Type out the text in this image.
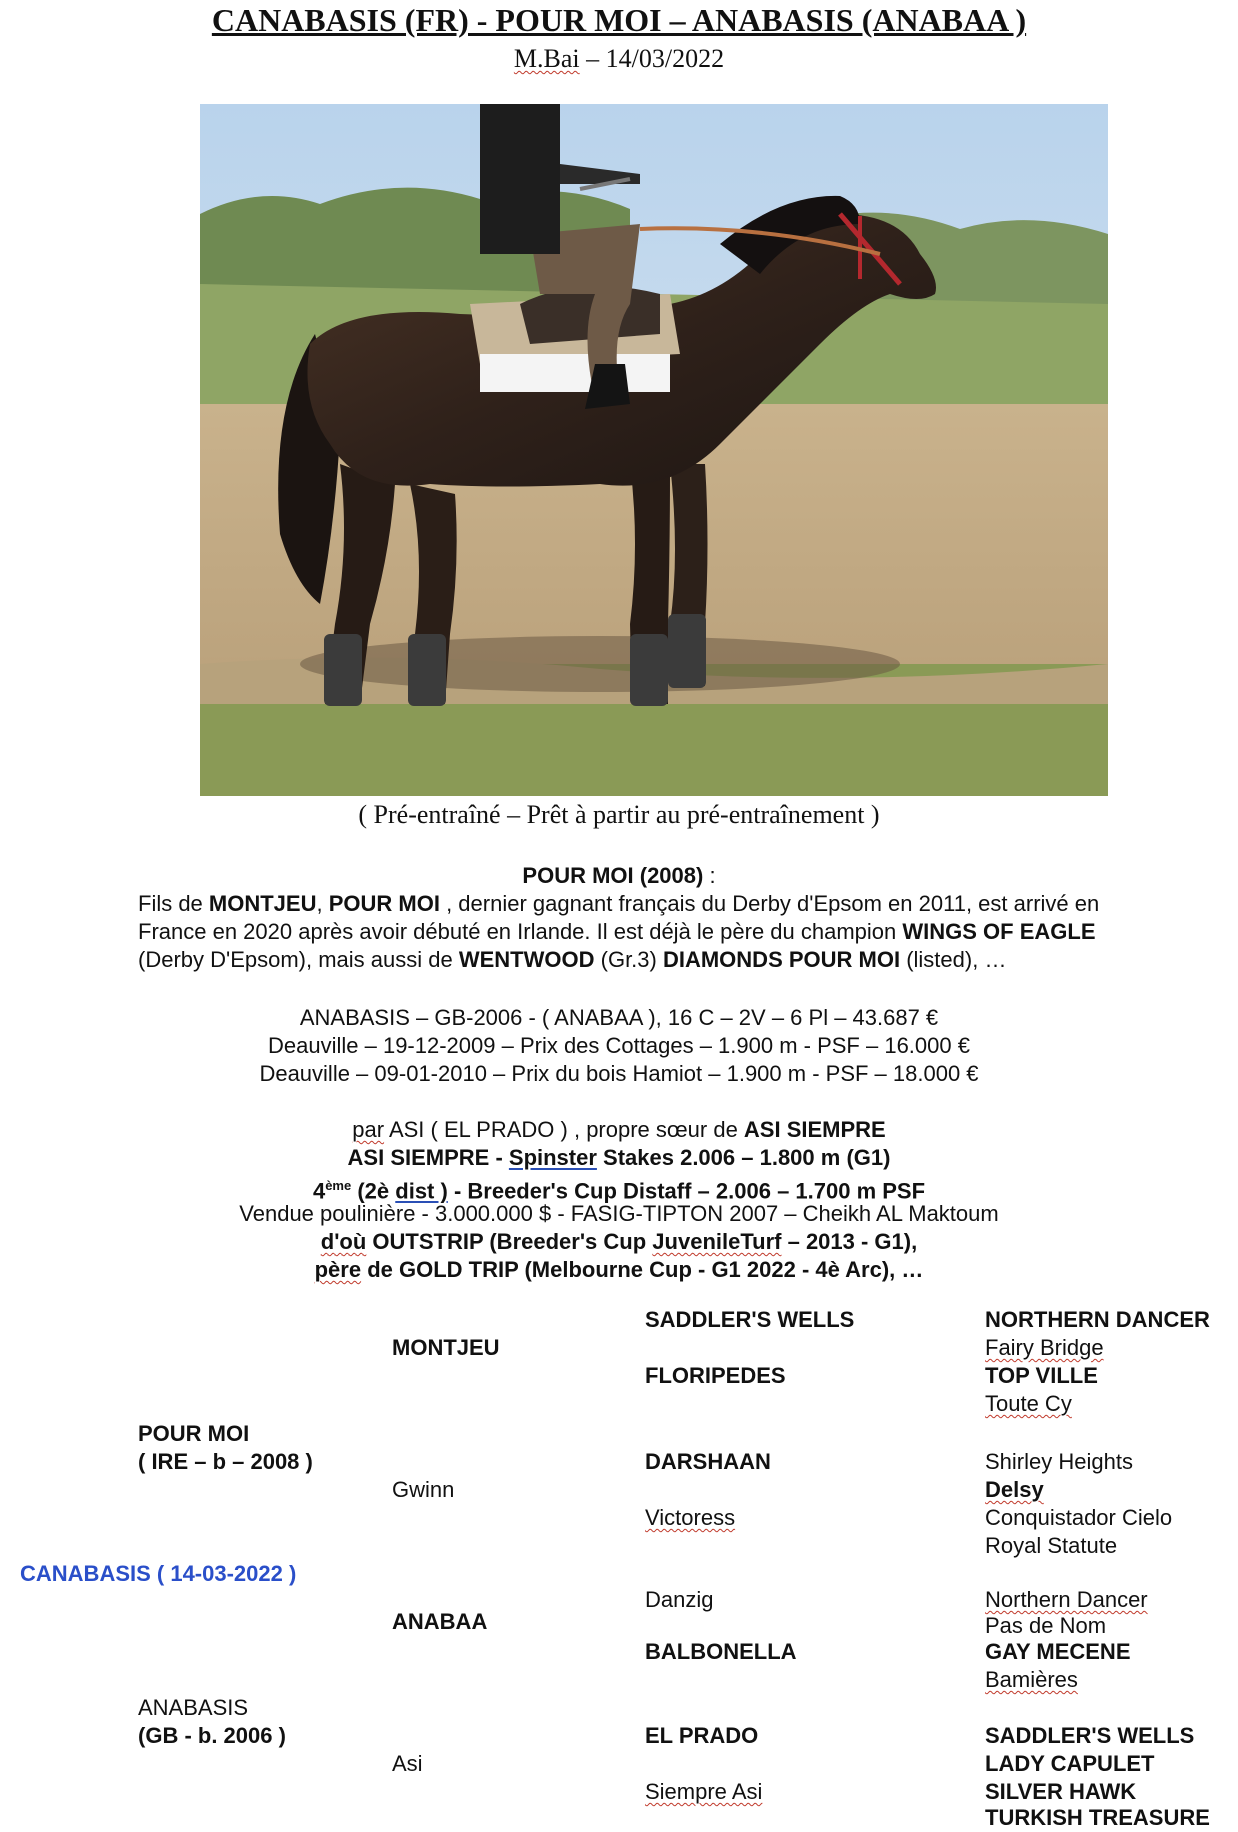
CANABASIS (FR) - POUR MOI – ANABASIS (ANABAA )
M.Bai – 14/03/2022
( Pré-entraîné – Prêt à partir au pré-entraînement )
POUR MOI (2008) :
Fils de MONTJEU, POUR MOI , dernier gagnant français du Derby d'Epsom en 2011, est arrivé en
France en 2020 après avoir débuté en Irlande. Il est déjà le père du champion WINGS OF EAGLE
(Derby D'Epsom), mais aussi de WENTWOOD (Gr.3) DIAMONDS POUR MOI (listed), …
ANABASIS – GB-2006 - ( ANABAA ), 16 C – 2V – 6 Pl – 43.687 €
Deauville – 19-12-2009 – Prix des Cottages – 1.900 m - PSF – 16.000 €
Deauville – 09-01-2010 – Prix du bois Hamiot – 1.900 m - PSF – 18.000 €
par ASI ( EL PRADO ) , propre sœur de ASI SIEMPRE
ASI SIEMPRE - Spinster Stakes 2.006 – 1.800 m (G1)
4ème (2è dist ) - Breeder's Cup Distaff – 2.006 – 1.700 m PSF
Vendue poulinière - 3.000.000 $ - FASIG-TIPTON 2007 – Cheikh AL Maktoum
d'où OUTSTRIP (Breeder's Cup JuvenileTurf – 2013 - G1),
père de GOLD TRIP (Melbourne Cup - G1 2022 - 4è Arc), …
CANABASIS ( 14-03-2022 )
POUR MOI
( IRE – b – 2008 )
ANABASIS
(GB - b. 2006 )
MONTJEU
Gwinn
ANABAA
Asi
SADDLER'S WELLS
FLORIPEDES
DARSHAAN
Victoress
Danzig
BALBONELLA
EL PRADO
Siempre Asi
NORTHERN DANCER
Fairy Bridge
TOP VILLE
Toute Cy
Shirley Heights
Delsy
Conquistador Cielo
Royal Statute
Northern Dancer
Pas de Nom
GAY MECENE
Bamières
SADDLER'S WELLS
LADY CAPULET
SILVER HAWK
TURKISH TREASURE
